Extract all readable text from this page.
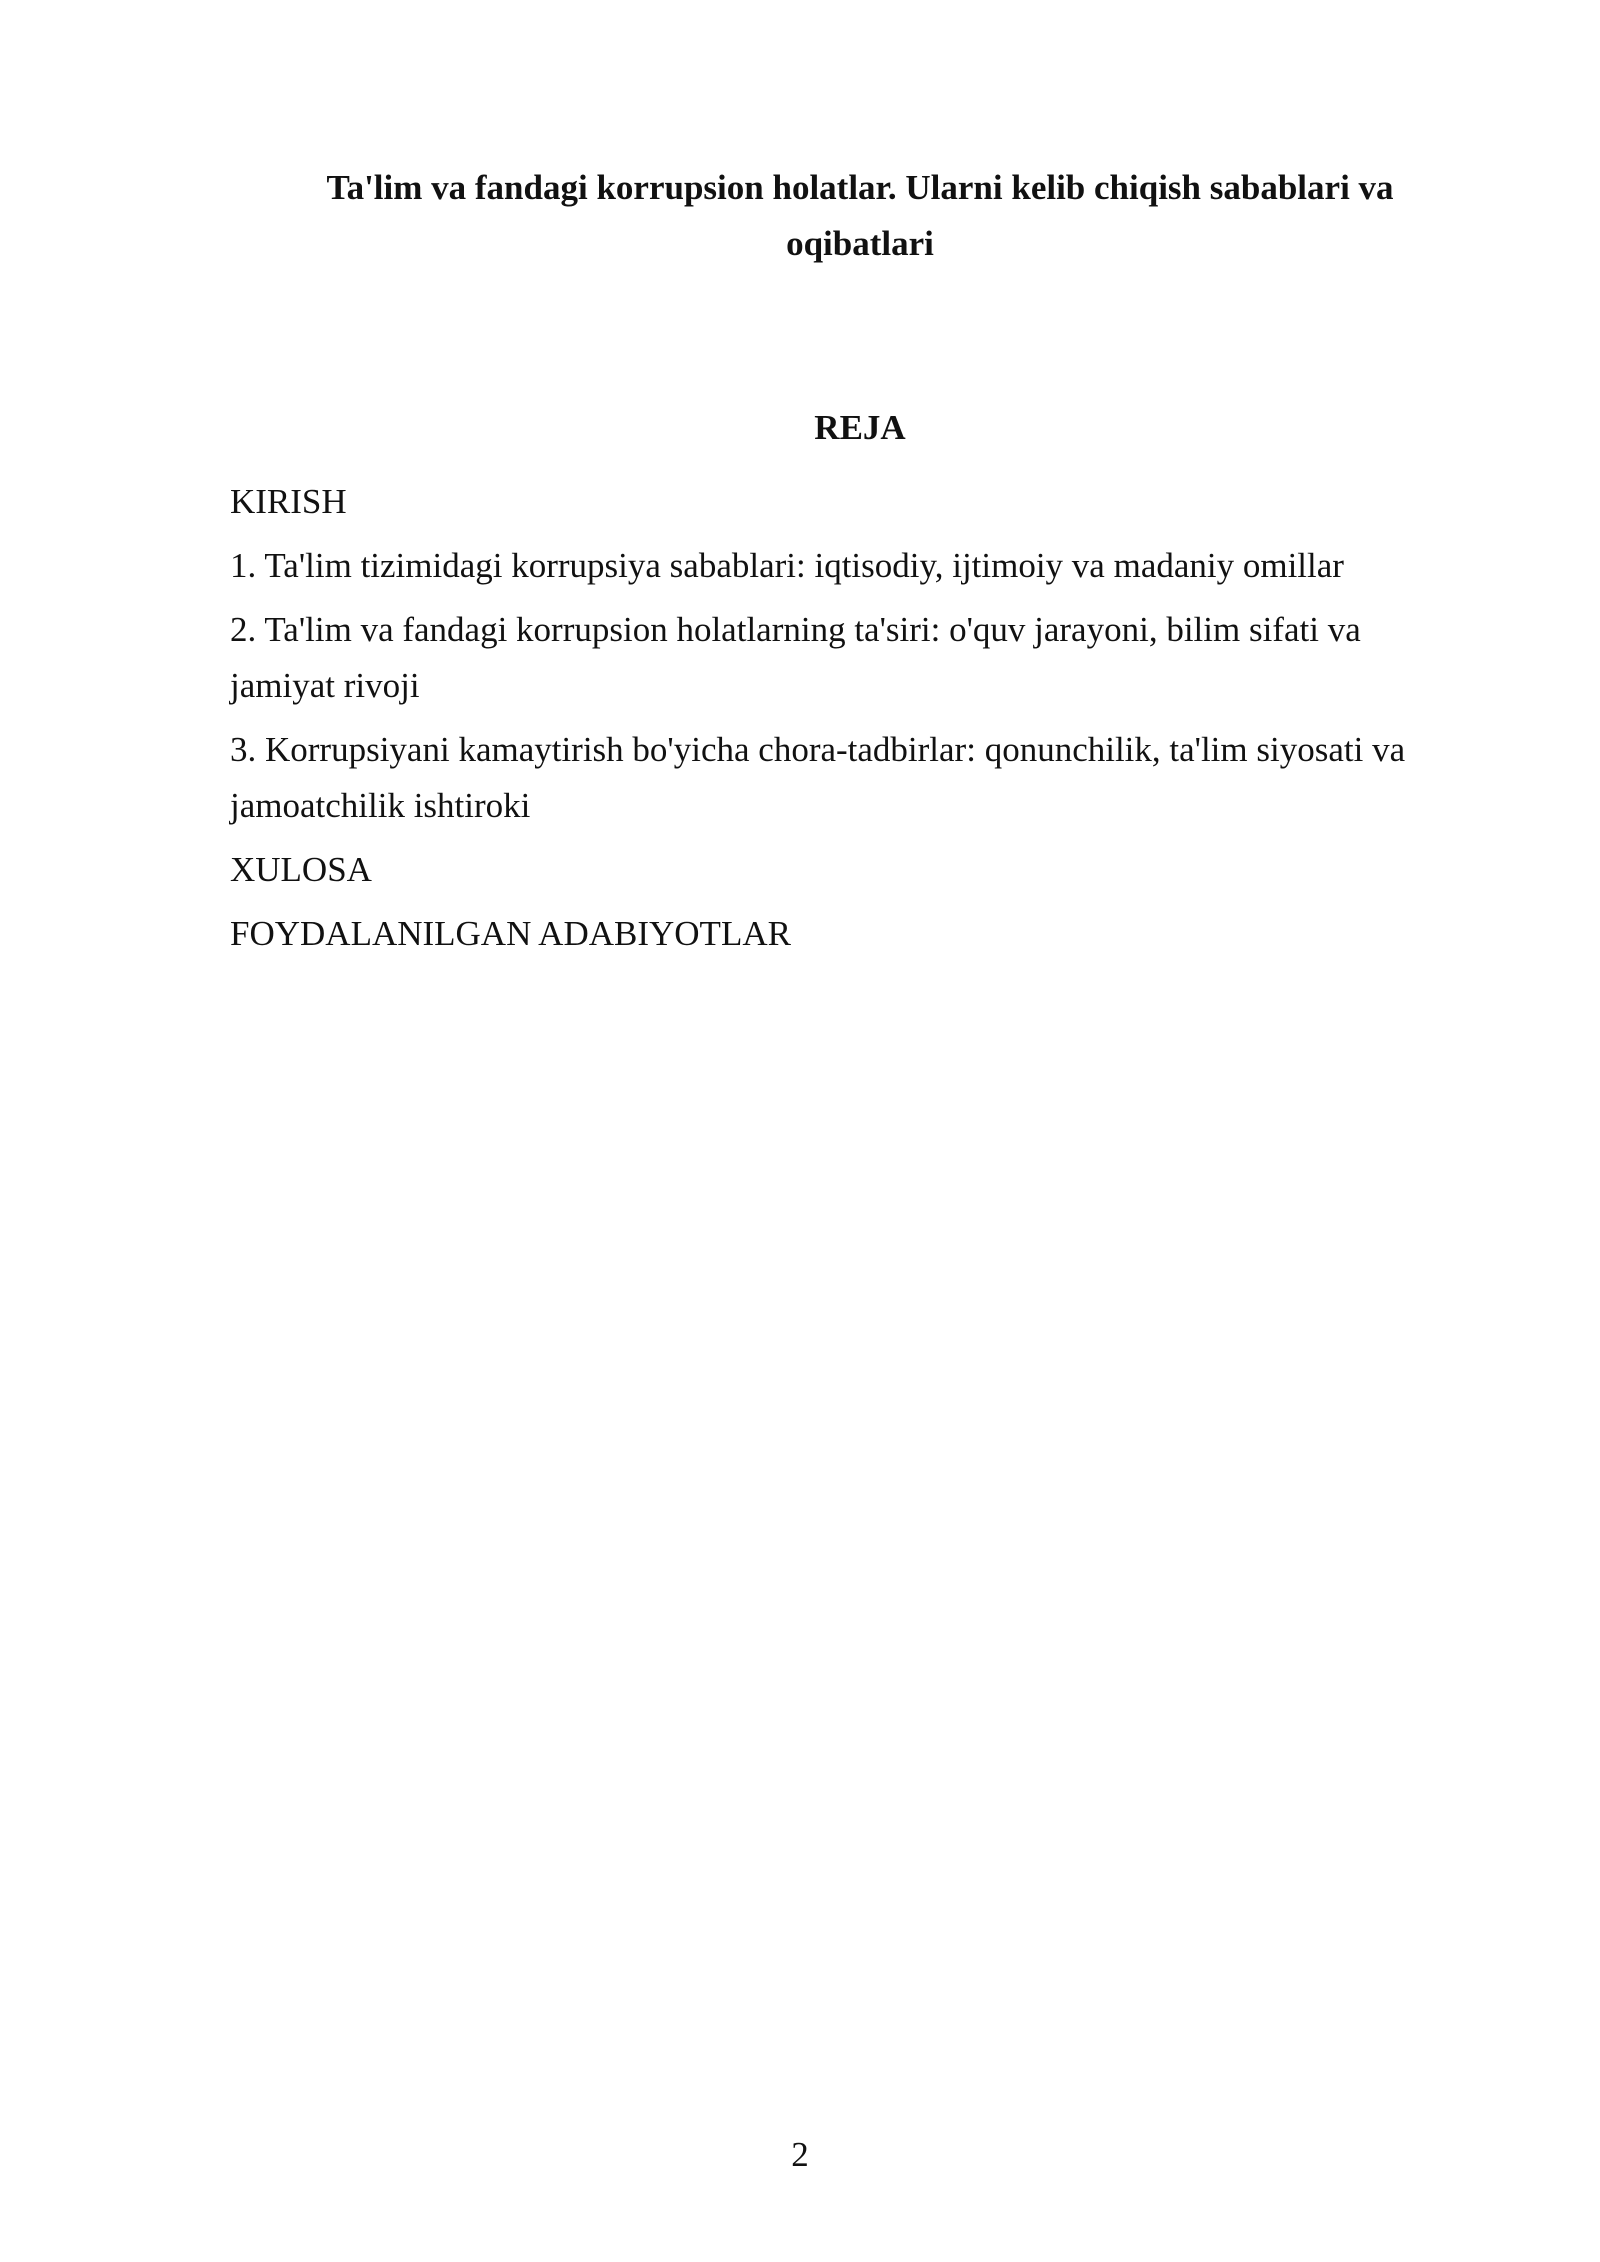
Ta'lim va fandagi korrupsion holatlar. Ularni kelib chiqish sabablari va
oqibatlari
REJA
KIRISH
1. Ta'lim tizimidagi korrupsiya sabablari: iqtisodiy, ijtimoiy va madaniy omillar
2. Ta'lim va fandagi korrupsion holatlarning ta'siri: o'quv jarayoni, bilim sifati va jamiyat rivoji
3. Korrupsiyani kamaytirish bo'yicha chora-tadbirlar: qonunchilik, ta'lim siyosati va jamoatchilik ishtiroki
XULOSA
FOYDALANILGAN ADABIYOTLAR
2
